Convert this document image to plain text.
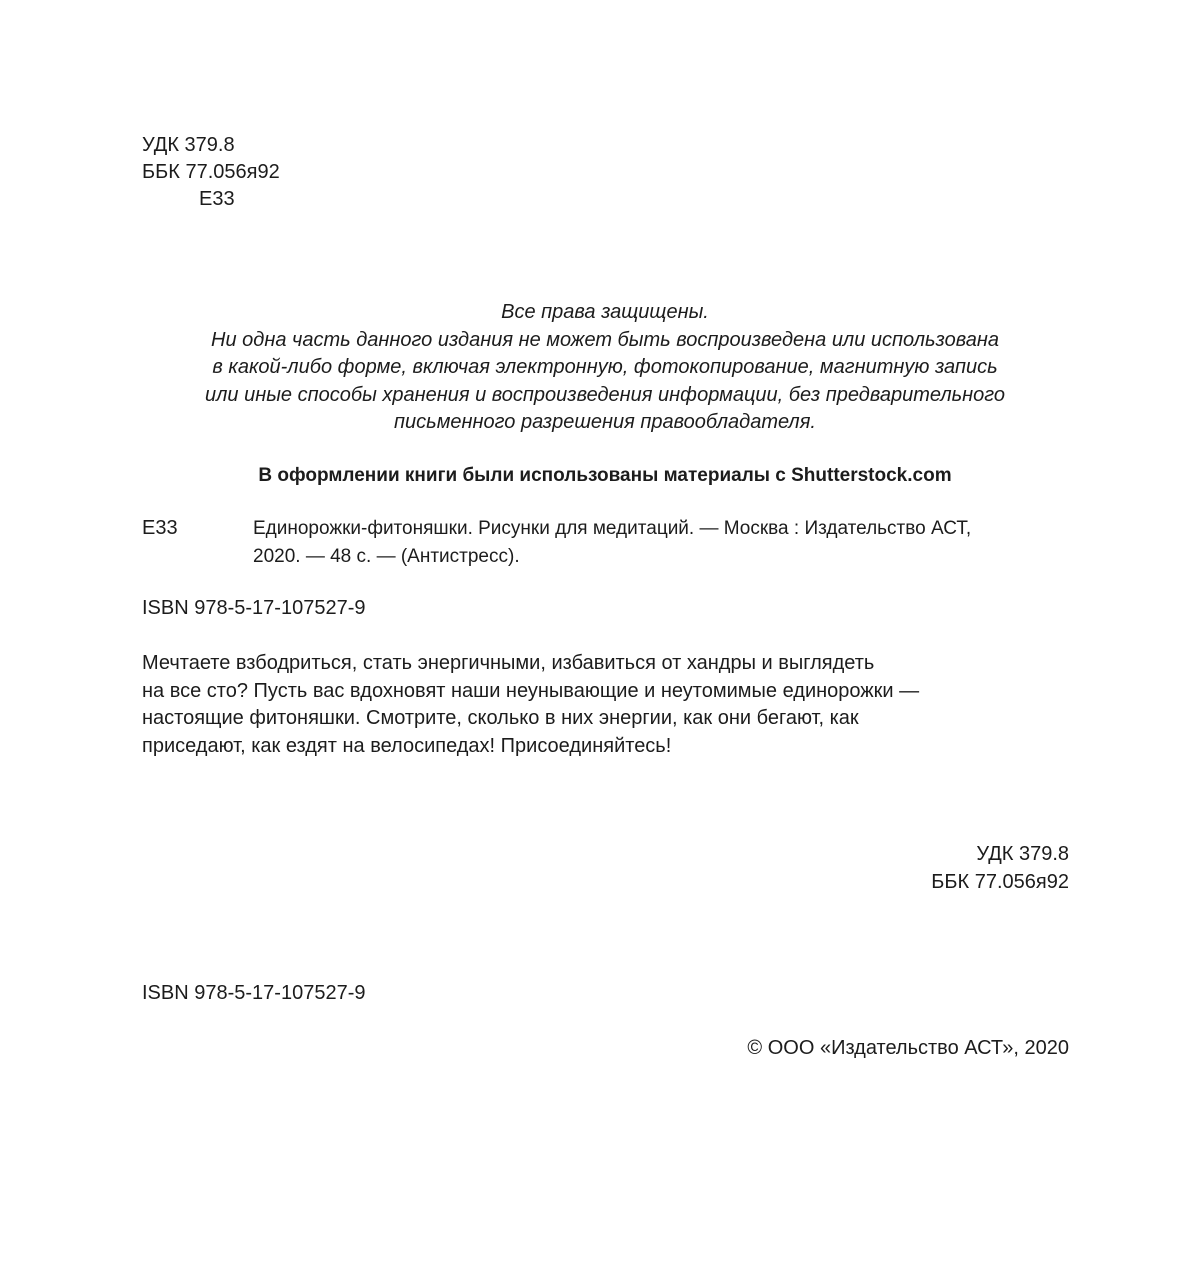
УДК 379.8
ББК 77.056я92
Е33
Все права защищены.
Ни одна часть данного издания не может быть воспроизведена или использована
в какой-либо форме, включая электронную, фотокопирование, магнитную запись
или иные способы хранения и воспроизведения информации, без предварительного
письменного разрешения правообладателя.
В оформлении книги были использованы материалы с Shutterstock.com
Е33	Единорожки-фитоняшки. Рисунки для медитаций. — Москва : Издательство АСТ,
2020. — 48 с. — (Антистресс).
ISBN 978-5-17-107527-9
Мечтаете взбодриться, стать энергичными, избавиться от хандры и выглядеть
на все сто? Пусть вас вдохновят наши неунывающие и неутомимые единорожки —
настоящие фитоняшки. Смотрите, сколько в них энергии, как они бегают, как
приседают, как ездят на велосипедах! Присоединяйтесь!
УДК 379.8
ББК 77.056я92
ISBN 978-5-17-107527-9
© ООО «Издательство АСТ», 2020
